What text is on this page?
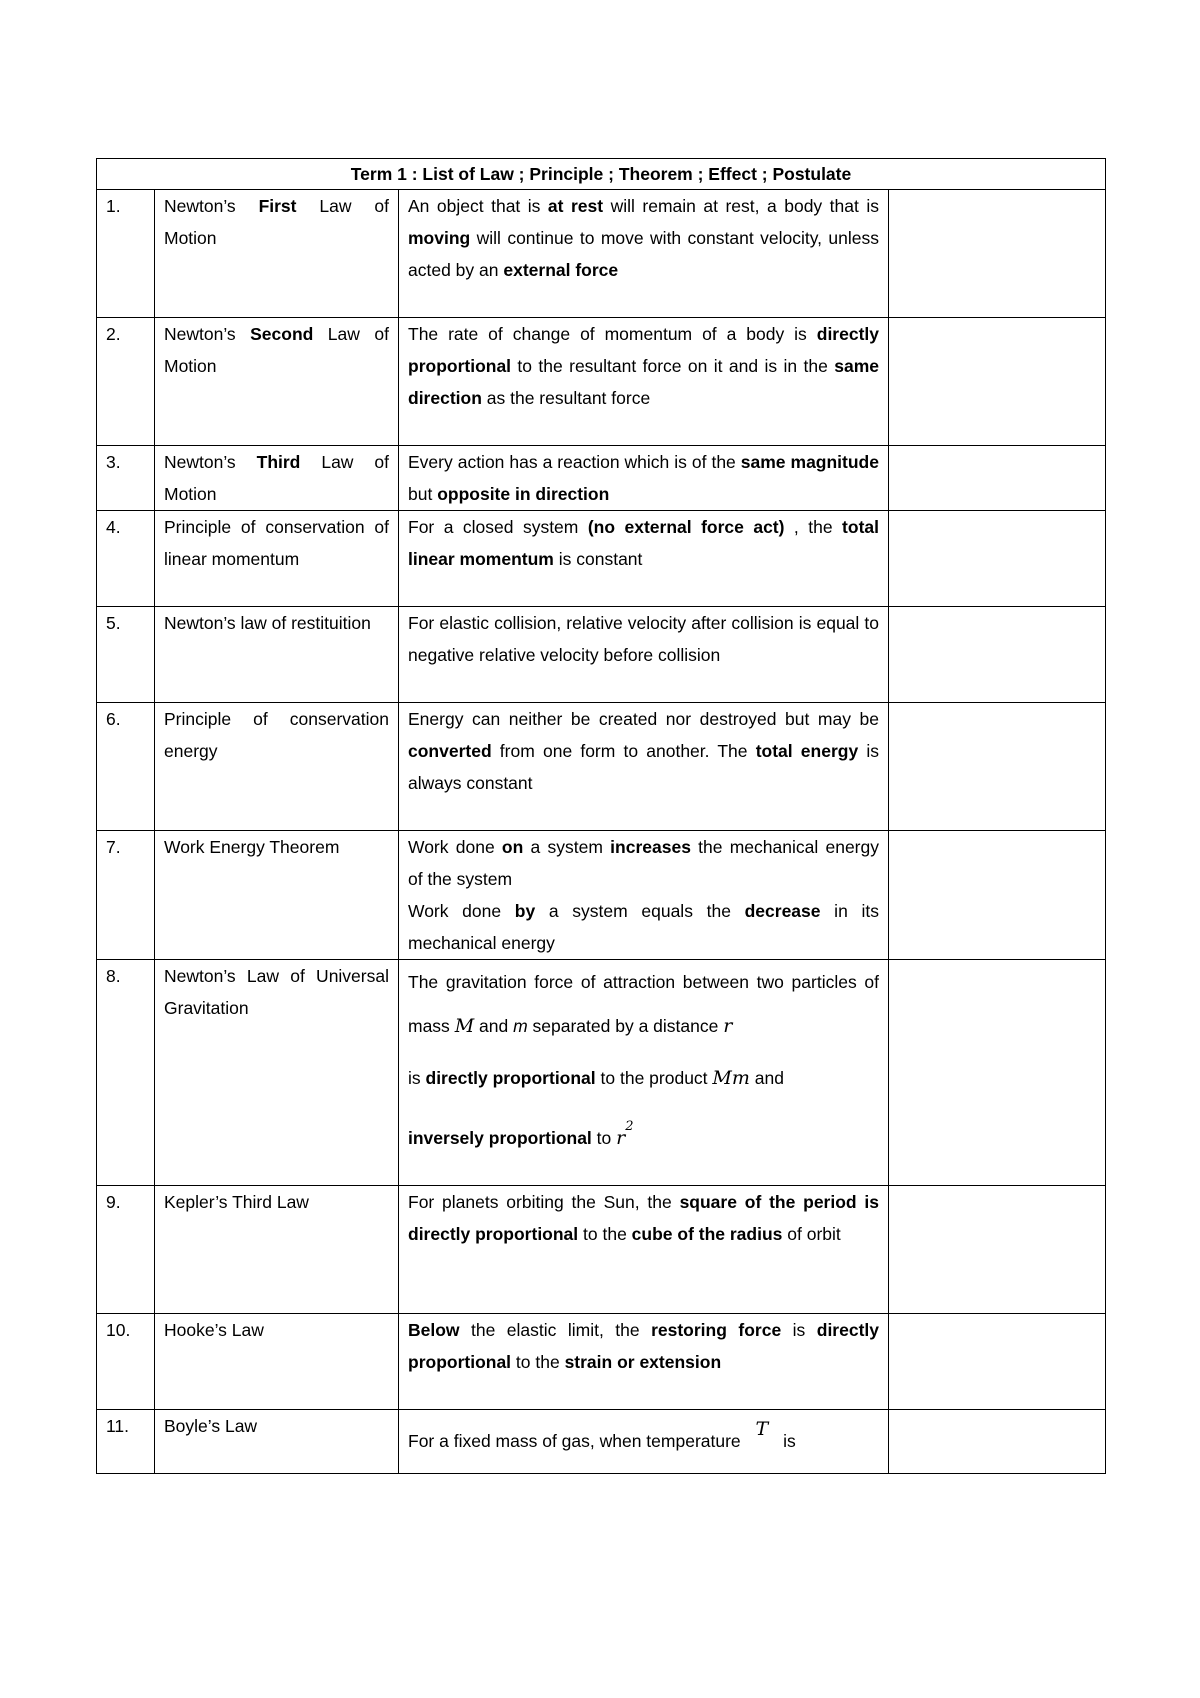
Term 1 : List of Law ; Principle ; Theorem ; Effect ; Postulate			
1.	Newton’s First Law of Motion	An object that is at rest will remain at rest, a body that is moving will continue to move with constant velocity, unless acted by an external force	
2.	Newton’s Second Law of Motion	The rate of change of momentum of a body is directly proportional to the resultant force on it and is in the same direction as the resultant force	
3.	Newton’s Third Law of Motion	Every action has a reaction which is of the same magnitude but opposite in direction	
4.	Principle of conservation of linear momentum	For a closed system (no external force act) , the total linear momentum is constant	
5.	Newton’s law of restituition	For elastic collision, relative velocity after collision is equal to negative relative velocity before collision	
6.	Principle of conservation energy	Energy can neither be created nor destroyed but may be converted from one form to another. The total energy is always constant	
7.	Work Energy Theorem	Work done on a system increases the mechanical energy of the system
Work done by a system equals the decrease in its mechanical energy	

8.	Newton’s Law of Universal Gravitation	The gravitation force of attraction between two particles of mass M and m separated by a distance r
is directly proportional to the product Mm and
inversely proportional to $r^2$

9.	Kepler’s Third Law	For planets orbiting the Sun, the square of the period is directly proportional to the cube of the radius of orbit	
10.	Hooke’s Law	Below the elastic limit, the restoring force is directly proportional to the strain or extension	
11.	Boyle’s Law	For a fixed mass of gas, when temperature T is	
